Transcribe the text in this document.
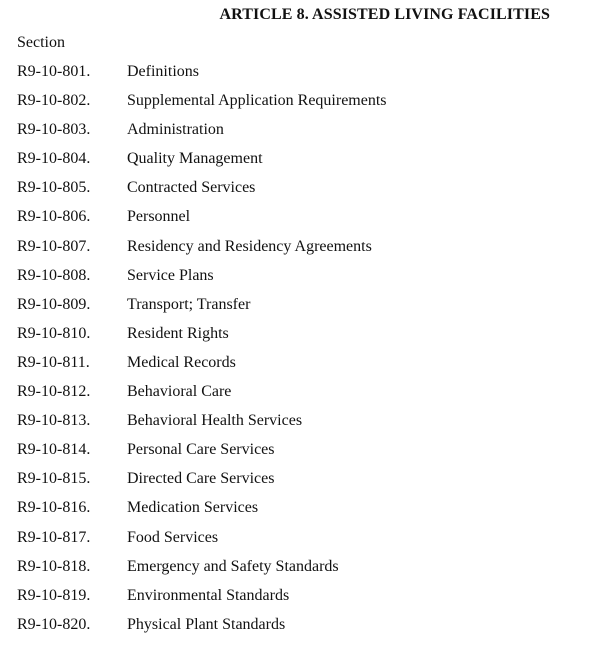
ARTICLE 8. ASSISTED LIVING FACILITIES
Section
R9-10-801.	Definitions
R9-10-802.	Supplemental Application Requirements
R9-10-803.	Administration
R9-10-804.	Quality Management
R9-10-805.	Contracted Services
R9-10-806.	Personnel
R9-10-807.	Residency and Residency Agreements
R9-10-808.	Service Plans
R9-10-809.	Transport; Transfer
R9-10-810.	Resident Rights
R9-10-811.	Medical Records
R9-10-812.	Behavioral Care
R9-10-813.	Behavioral Health Services
R9-10-814.	Personal Care Services
R9-10-815.	Directed Care Services
R9-10-816.	Medication Services
R9-10-817.	Food Services
R9-10-818.	Emergency and Safety Standards
R9-10-819.	Environmental Standards
R9-10-820.	Physical Plant Standards
